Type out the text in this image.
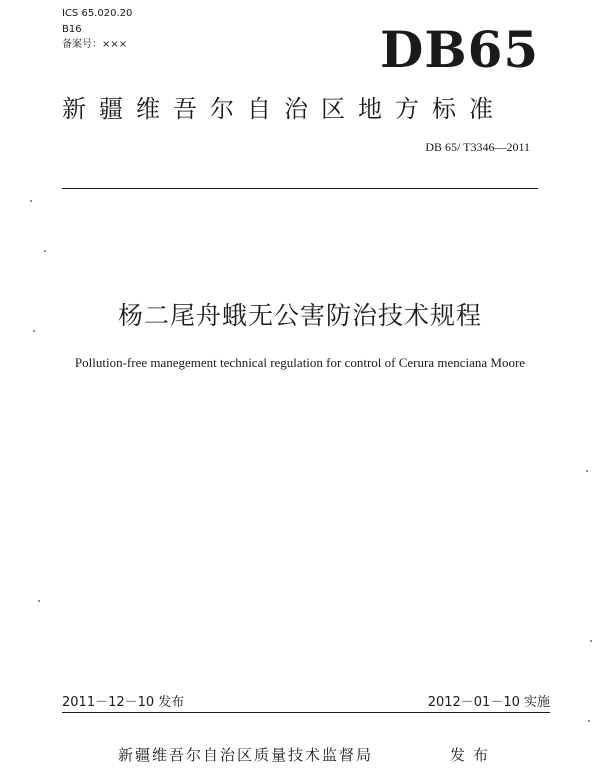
ICS 65.020.20
B16
备案号：×××	DB65
新疆维吾尔自治区地方标准
DB 65/ T3346—2011
杨二尾舟蛾无公害防治技术规程
Pollution-free manegement technical regulation for control of Cerura menciana Moore
2011－12－10 发布	2012－01－10 实施
新疆维吾尔自治区质量技术监督局	发布
